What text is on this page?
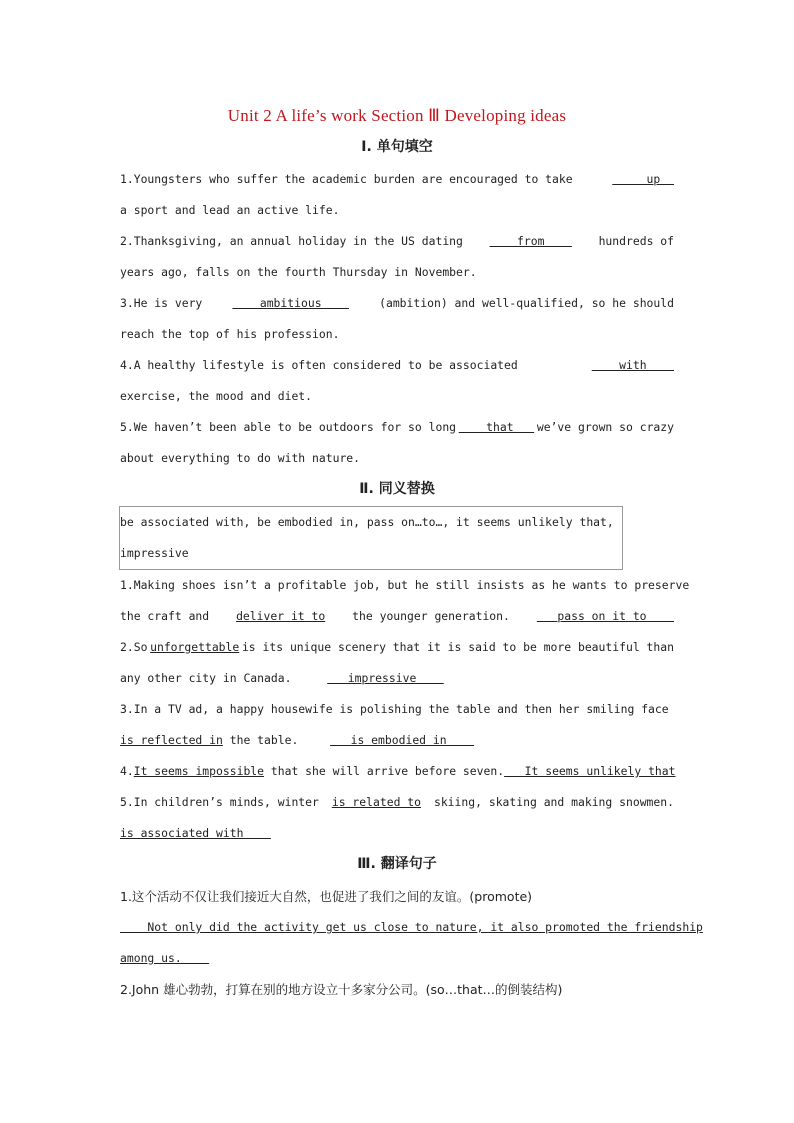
Unit 2 A life’s work Section Ⅲ Developing ideas
Ⅰ. 单句填空
1.Youngsters who suffer the academic burden are encouraged to take	up
a sport and lead an active life.
2.Thanksgiving, an annual holiday in the US dating from hundreds of
years ago, falls on the fourth Thursday in November.
3.He is very	ambitious	(ambition) and well-qualified, so he should
reach the top of his profession.
4.A healthy lifestyle is often considered to be associated	with
exercise, the mood and diet.
5.We haven’t been able to be outdoors for so long that we’ve grown so crazy
about everything to do with nature.
Ⅱ. 同义替换
be associated with, be embodied in, pass on…to…, it seems unlikely that,
impressive
1.Making shoes isn’t a profitable job, but he still insists as he wants to preserve
the craft and deliver it to the younger generation. pass on it to
2.So unforgettable is its unique scenery that it is said to be more beautiful than
any other city in Canada.	impressive
3.In a TV ad, a happy housewife is polishing the table and then her smiling face
is reflected in the table.	is embodied in
4.It seems impossible that she will arrive before seven. It seems unlikely that
5.In children’s minds, winter is related to skiing, skating and making snowmen.
is associated with
Ⅲ. 翻译句子
1.这个活动不仅让我们接近大自然，也促进了我们之间的友谊。(promote)
Not only did the activity get us close to nature, it also promoted the friendship
among us.
2.John 雄心勃勃，打算在别的地方设立十多家分公司。(so…that…的倒装结构)
